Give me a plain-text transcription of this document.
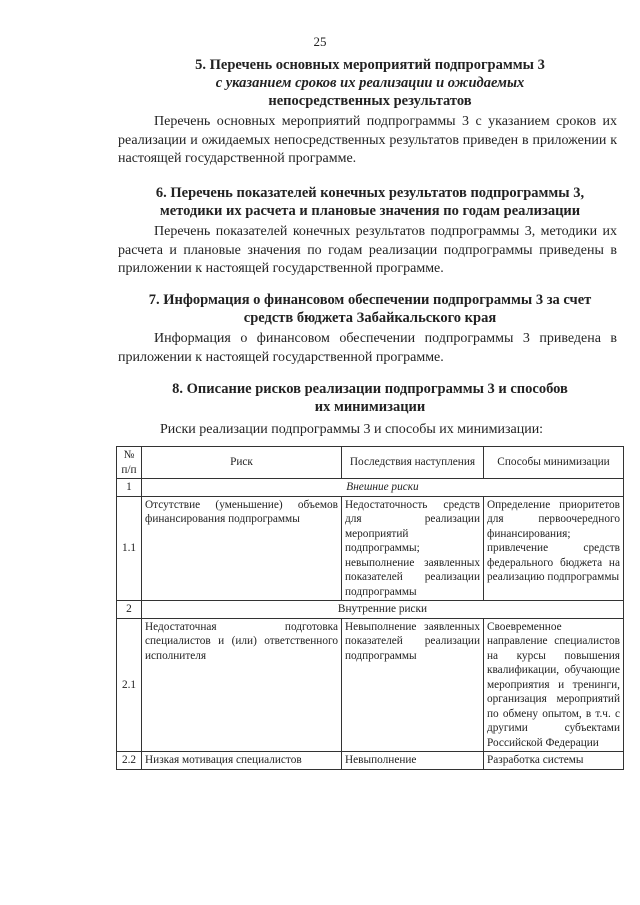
25
5. Перечень основных мероприятий подпрограммы 3
с указанием сроков их реализации и ожидаемых
непосредственных результатов
Перечень основных мероприятий подпрограммы 3 с указанием сроков их реализации и ожидаемых непосредственных результатов приведен в приложении к настоящей государственной программе.
6. Перечень показателей конечных результатов подпрограммы 3,
методики их расчета и плановые значения по годам реализации
Перечень показателей конечных результатов подпрограммы 3, методики их расчета и плановые значения по годам реализации подпрограммы приведены в приложении к настоящей государственной программе.
7. Информация о финансовом обеспечении подпрограммы 3 за счет
средств бюджета Забайкальского края
Информация о финансовом обеспечении подпрограммы 3 приведена в приложении к настоящей государственной программе.
8. Описание рисков реализации подпрограммы 3 и способов
их минимизации
Риски реализации подпрограммы 3 и способы их минимизации:
№ п/п	Риск	Последствия наступления	Способы минимизации
1	Внешние риски		
1.1	Отсутствие (уменьшение) объемов финансирования подпрограммы	Недостаточность средств для реализации мероприятий подпрограммы; невыполнение заявленных показателей реализации подпрограммы	Определение приоритетов для первоочередного финансирования; привлечение средств федерального бюджета на реализацию подпрограммы
2	Внутренние риски		
2.1	Недостаточная подготовка специалистов и (или) ответственного исполнителя	Невыполнение заявленных показателей реализации подпрограммы	Своевременное направление специалистов на курсы повышения квалификации, обучающие мероприятия и тренинги, организация мероприятий по обмену опытом, в т.ч. с другими субъектами Российской Федерации
2.2	Низкая мотивация специалистов	Невыполнение	Разработка системы
